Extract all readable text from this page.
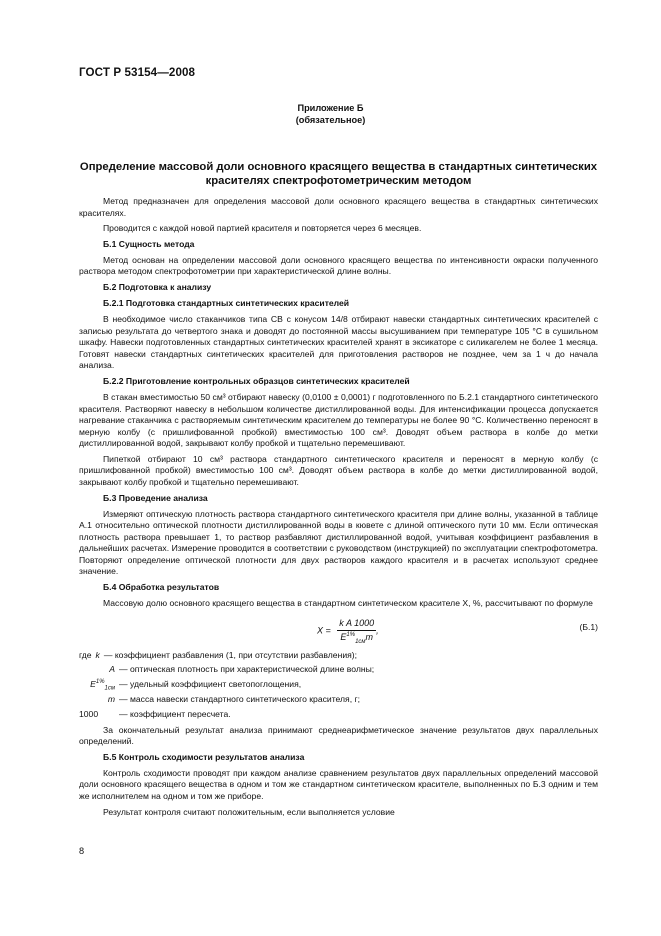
ГОСТ Р 53154—2008
Приложение Б
(обязательное)
Определение массовой доли основного красящего вещества в стандартных синтетических красителях спектрофотометрическим методом

Метод предназначен для определения массовой доли основного красящего вещества в стандартных синтетических красителях.

Проводится с каждой новой партией красителя и повторяется через 6 месяцев.

Б.1 Сущность метода

Метод основан на определении массовой доли основного красящего вещества по интенсивности окраски полученного раствора методом спектрофотометрии при характеристической длине волны.

Б.2 Подготовка к анализу
Б.2.1 Подготовка стандартных синтетических красителей

В необходимое число стаканчиков типа СВ с конусом 14/8 отбирают навески стандартных синтетических красителей с записью результата до четвертого знака и доводят до постоянной массы высушиванием при температуре 105 °С в сушильном шкафу. Навески подготовленных стандартных синтетических красителей хранят в эксикаторе с силикагелем не более 1 месяца. Готовят навески стандартных синтетических красителей для приготовления растворов не позднее, чем за 1 ч до начала анализа.

Б.2.2 Приготовление контрольных образцов синтетических красителей

В стакан вместимостью 50 см³ отбирают навеску (0,0100 ± 0,0001) г подготовленного по Б.2.1 стандартного синтетического красителя. Растворяют навеску в небольшом количестве дистиллированной воды. Для интенсификации процесса допускается нагревание стаканчика с растворяемым синтетическим красителем до температуры не более 90 °С. Количественно переносят в мерную колбу (с пришлифованной пробкой) вместимостью 100 см³. Доводят объем раствора в колбе до метки дистиллированной водой, закрывают колбу пробкой и тщательно перемешивают.

Пипеткой отбирают 10 см³ раствора стандартного синтетического красителя и переносят в мерную колбу (с пришлифованной пробкой) вместимостью 100 см³. Доводят объем раствора в колбе до метки дистиллированной водой, закрывают колбу пробкой и тщательно перемешивают.

Б.3 Проведение анализа

Измеряют оптическую плотность раствора стандартного синтетического красителя при длине волны, указанной в таблице А.1 относительно оптической плотности дистиллированной воды в кювете с длиной оптического пути 10 мм. Если оптическая плотность раствора превышает 1, то раствор разбавляют дистиллированной водой, учитывая коэффициент разбавления в дальнейших расчетах. Измерение проводится в соответствии с руководством (инструкцией) по эксплуатации спектрофотометра. Повторяют определение оптической плотности для двух растворов каждого красителя и в расчетах используют среднее значение.

Б.4 Обработка результатов

Массовую долю основного красящего вещества в стандартном синтетическом красителе X, %, рассчитывают по формуле

$X = \frac{\text{k A 1000}}{E^{1\%}_{1см}m}$ ,	(Б.1)
где k — коэффициент разбавления (1, при отсутствии разбавления);
A — оптическая плотность при характеристической длине волны;
$E^{1\%}_{1см}$ — удельный коэффициент светопоглощения,
m — масса навески стандартного синтетического красителя, г;
1000	— коэффициент пересчета.

За окончательный результат анализа принимают среднеарифметическое значение результатов двух параллельных определений.

Б.5 Контроль сходимости результатов анализа

Контроль сходимости проводят при каждом анализе сравнением результатов двух параллельных определений массовой доли основного красящего вещества в одном и том же стандартном синтетическом красителе, выполненных по Б.3 одним и тем же исполнителем на одном и том же приборе.

Результат контроля считают положительным, если выполняется условие

8
